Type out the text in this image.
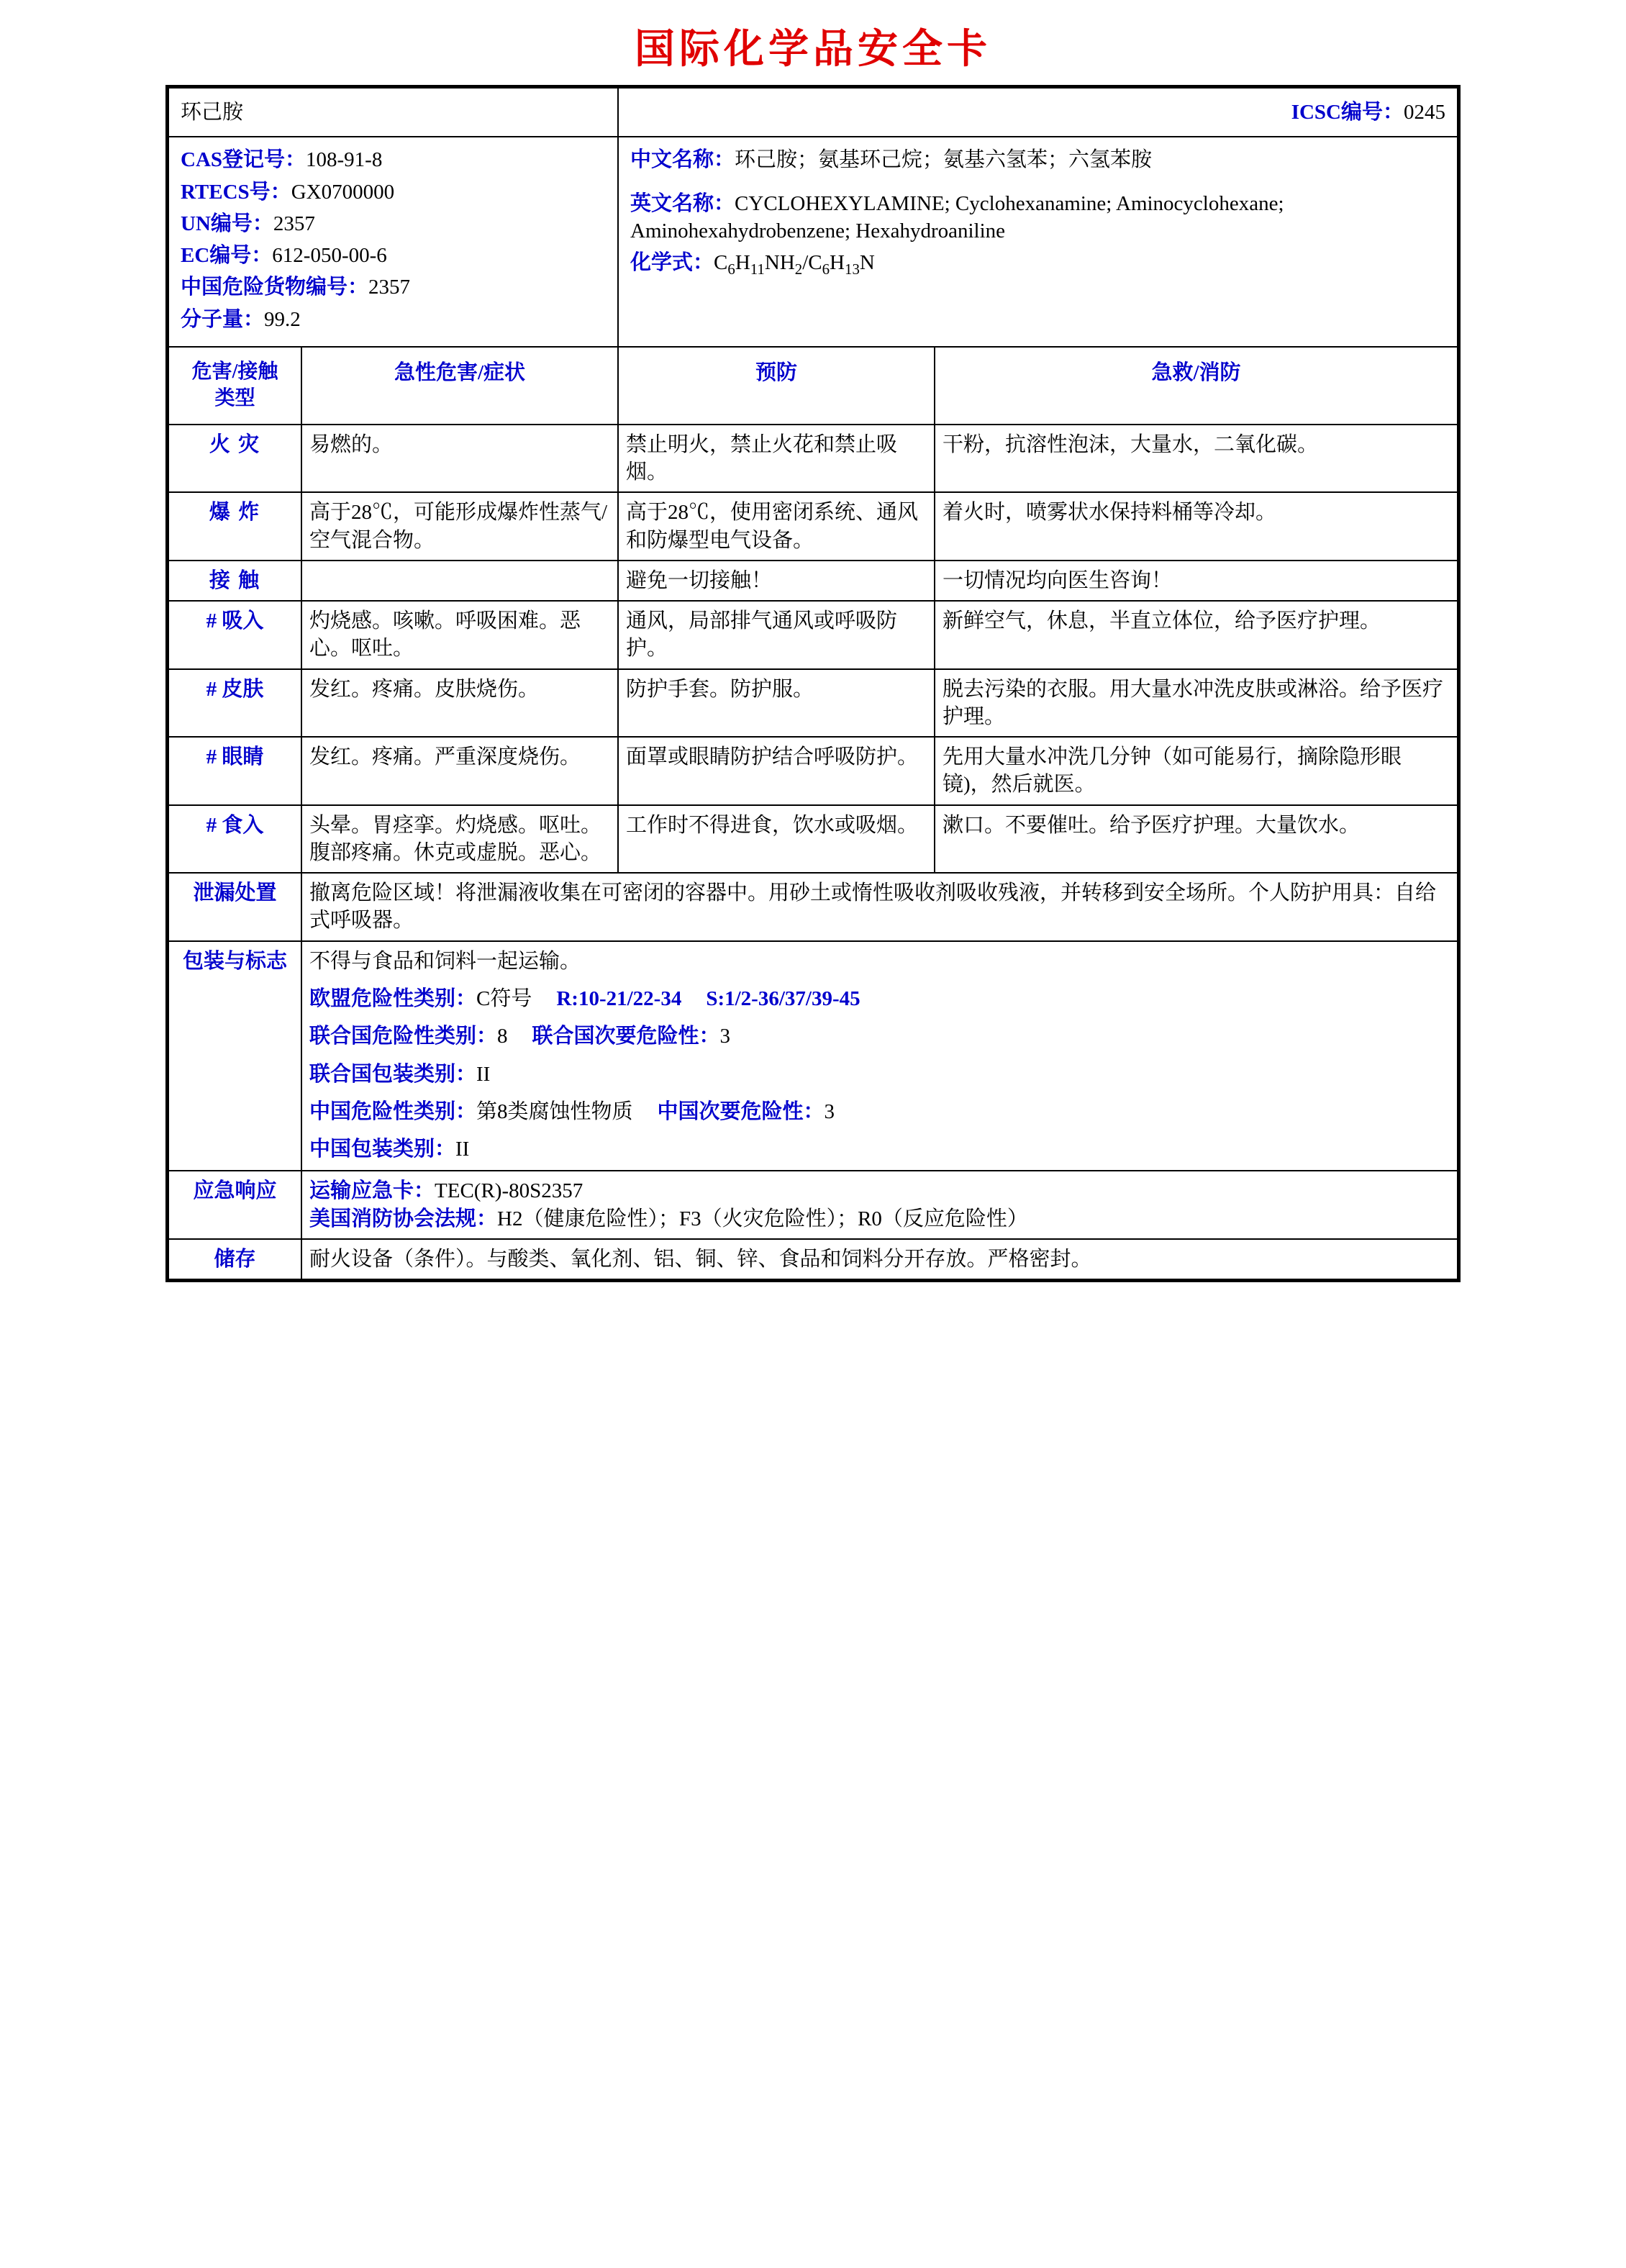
国际化学品安全卡
环己胺		ICSC编号：0245	

CAS登记号：108-91-8
RTECS号：GX0700000
UN编号：2357
EC编号：612-050-00-6
中国危险货物编号：2357
分子量：99.2

中文名称：环己胺；氨基环己烷；氨基六氢苯；六氢苯胺
英文名称：CYCLOHEXYLAMINE; Cyclohexanamine; Aminocyclohexane; Aminohexahydrobenzene; Hexahydroaniline
化学式：$C_6H_{11}NH_2/C_6H_{13}N$

危害/接触
类型	急性危害/症状	预防	急救/消防
火 灾	易燃的。	禁止明火，禁止火花和禁止吸烟。	干粉，抗溶性泡沫，大量水，二氧化碳。
爆 炸	高于28℃，可能形成爆炸性蒸气/空气混合物。	高于28℃，使用密闭系统、通风和防爆型电气设备。	着火时，喷雾状水保持料桶等冷却。
接 触		避免一切接触！	一切情况均向医生咨询！
# 吸入	灼烧感。咳嗽。呼吸困难。恶心。呕吐。	通风，局部排气通风或呼吸防护。	新鲜空气，休息，半直立体位，给予医疗护理。
# 皮肤	发红。疼痛。皮肤烧伤。	防护手套。防护服。	脱去污染的衣服。用大量水冲洗皮肤或淋浴。给予医疗护理。
# 眼睛	发红。疼痛。严重深度烧伤。	面罩或眼睛防护结合呼吸防护。	先用大量水冲洗几分钟（如可能易行，摘除隐形眼镜)，然后就医。
# 食入	头晕。胃痉挛。灼烧感。呕吐。腹部疼痛。休克或虚脱。恶心。	工作时不得进食，饮水或吸烟。	漱口。不要催吐。给予医疗护理。大量饮水。
泄漏处置	撤离危险区域！将泄漏液收集在可密闭的容器中。用砂土或惰性吸收剂吸收残液，并转移到安全场所。个人防护用具：自给式呼吸器。		
包装与标志	不得与食品和饲料一起运输。
欧盟危险性类别：C符号 R:10-21/22-34 S:1/2-36/37/39-45
联合国危险性类别：8 联合国次要危险性：3
联合国包装类别：II
中国危险性类别：第8类腐蚀性物质 中国次要危险性：3
中国包装类别：II

应急响应	运输应急卡：TEC(R)-80S2357
美国消防协会法规：H2（健康危险性）；F3（火灾危险性）；R0（反应危险性）		

储存	耐火设备（条件）。与酸类、氧化剂、铝、铜、锌、食品和饲料分开存放。严格密封。		
